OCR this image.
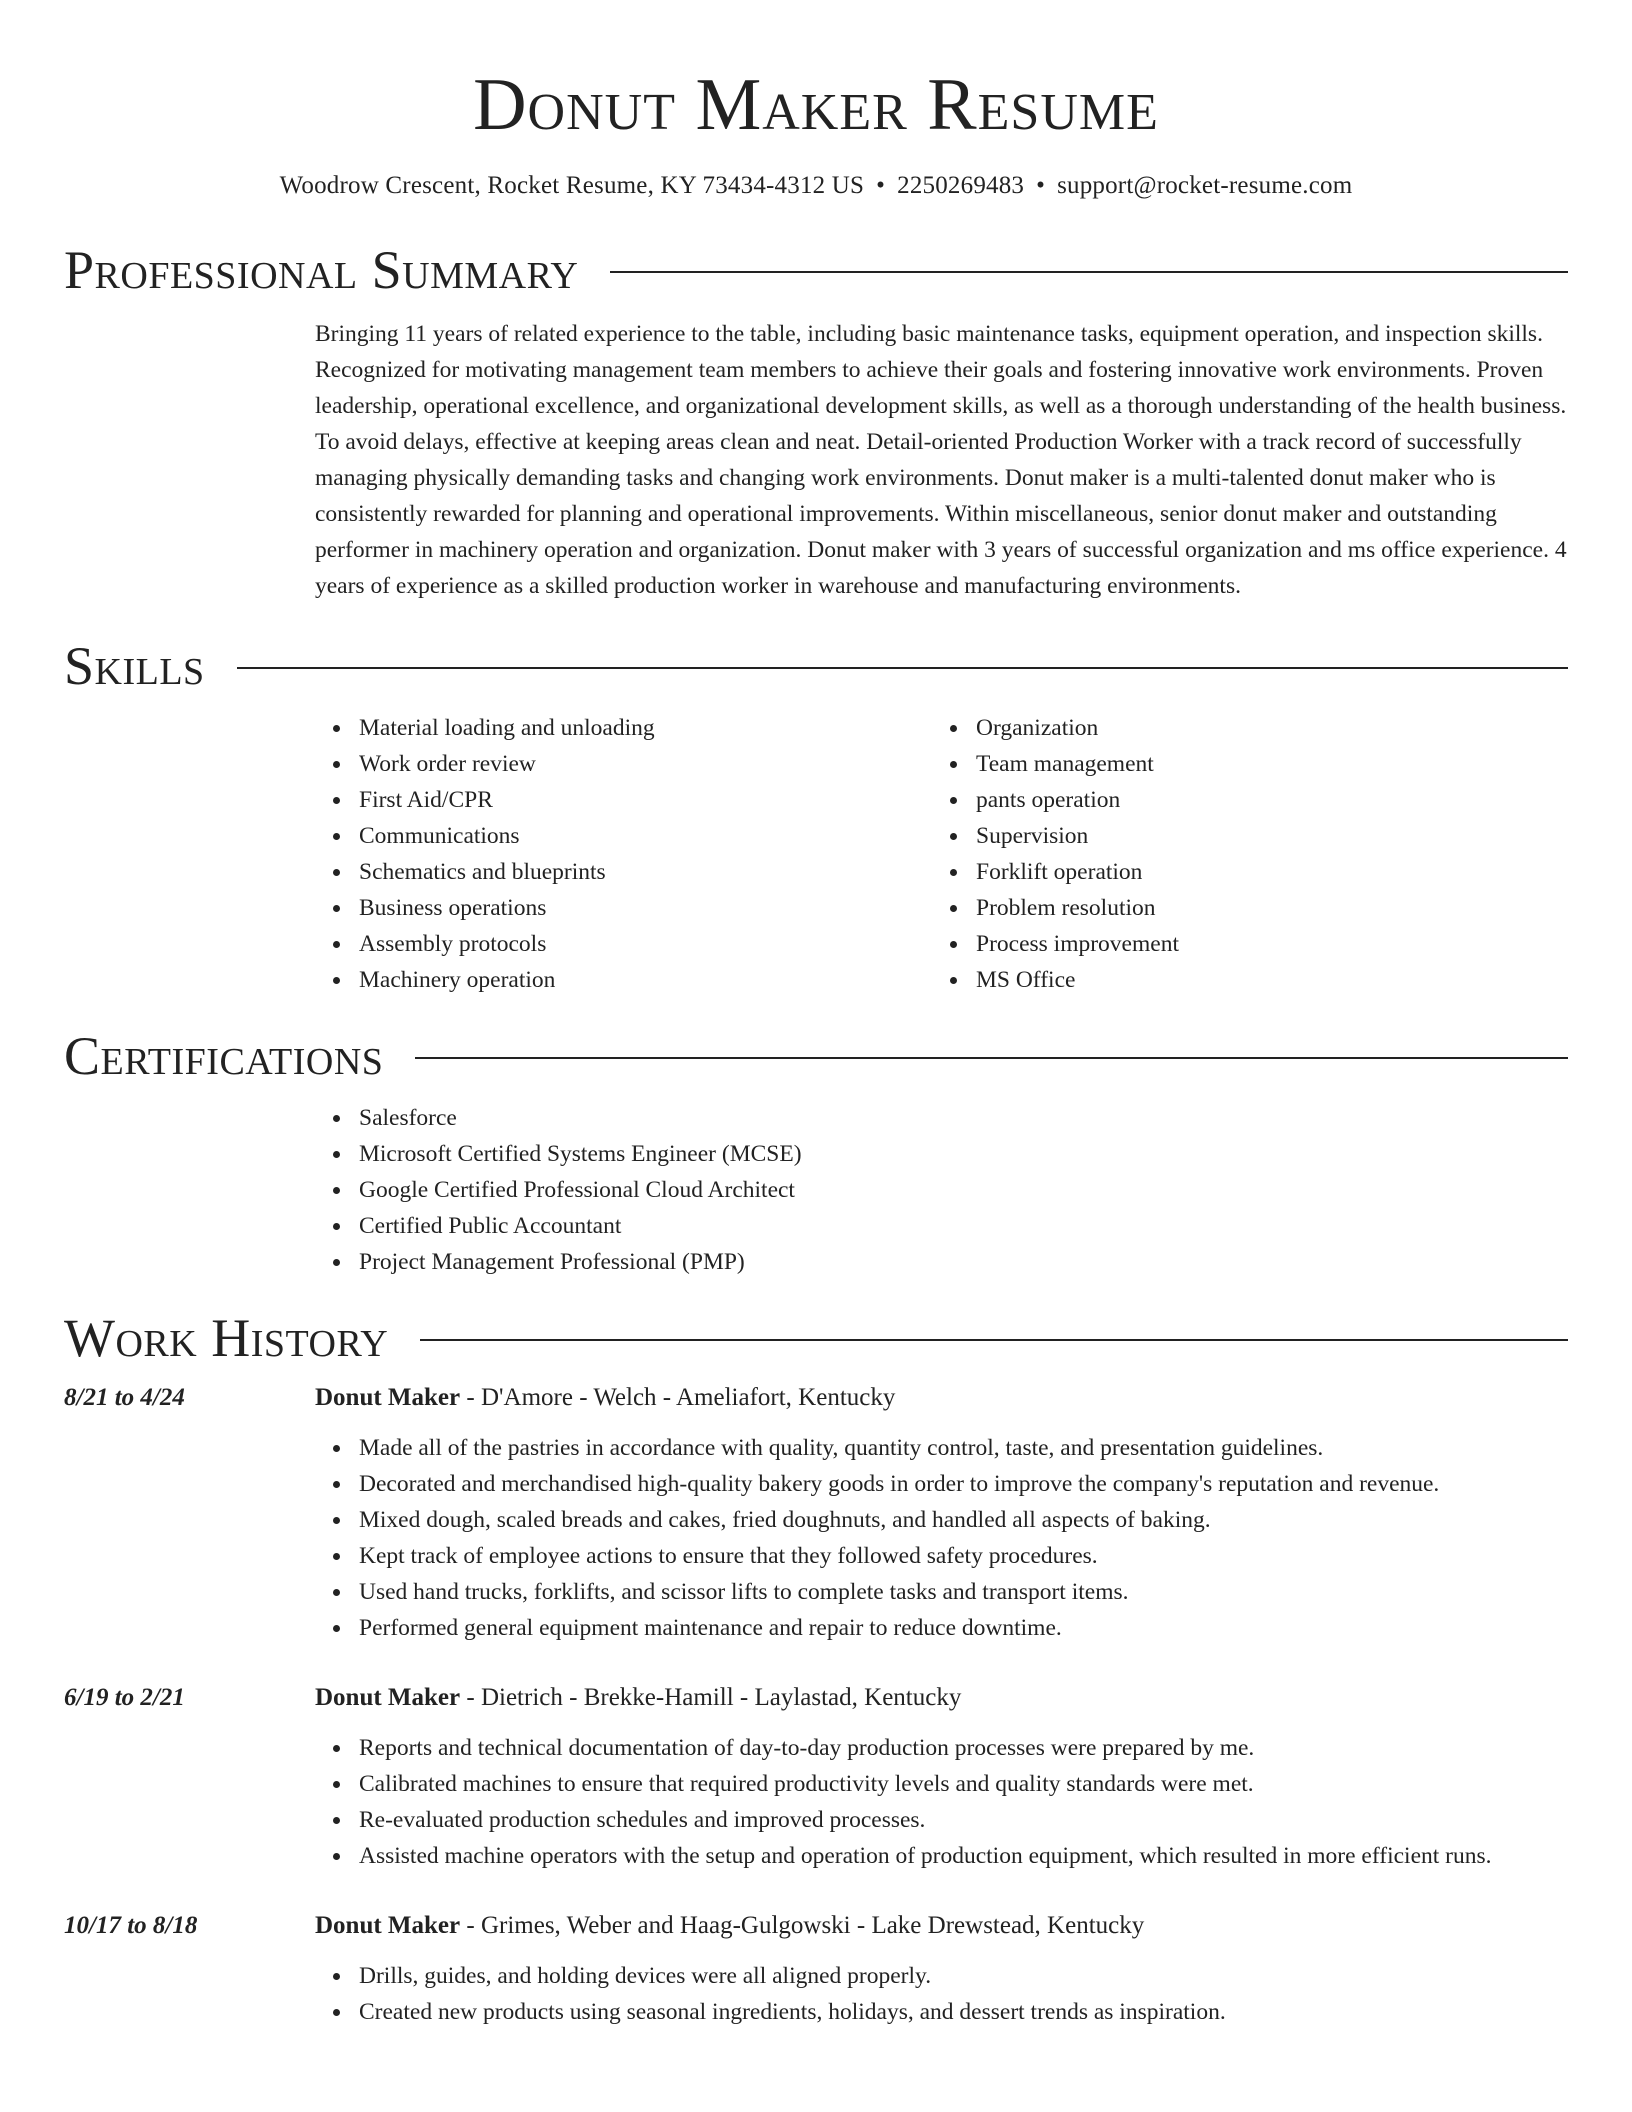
Donut Maker Resume
Woodrow Crescent, Rocket Resume, KY 73434-4312 US • 2250269483 • support@rocket-resume.com
Professional Summary
Bringing 11 years of related experience to the table, including basic maintenance tasks, equipment operation, and inspection skills. Recognized for motivating management team members to achieve their goals and fostering innovative work environments. Proven leadership, operational excellence, and organizational development skills, as well as a thorough understanding of the health business. To avoid delays, effective at keeping areas clean and neat. Detail-oriented Production Worker with a track record of successfully managing physically demanding tasks and changing work environments. Donut maker is a multi-talented donut maker who is consistently rewarded for planning and operational improvements. Within miscellaneous, senior donut maker and outstanding performer in machinery operation and organization. Donut maker with 3 years of successful organization and ms office experience. 4 years of experience as a skilled production worker in warehouse and manufacturing environments.
Skills
Material loading and unloading
Work order review
First Aid/CPR
Communications
Schematics and blueprints
Business operations
Assembly protocols
Machinery operation
Organization
Team management
pants operation
Supervision
Forklift operation
Problem resolution
Process improvement
MS Office
Certifications
Salesforce
Microsoft Certified Systems Engineer (MCSE)
Google Certified Professional Cloud Architect
Certified Public Accountant
Project Management Professional (PMP)
Work History
8/21 to 4/24	Donut Maker - D'Amore - Welch - Ameliafort, Kentucky
Made all of the pastries in accordance with quality, quantity control, taste, and presentation guidelines.
Decorated and merchandised high-quality bakery goods in order to improve the company's reputation and revenue.
Mixed dough, scaled breads and cakes, fried doughnuts, and handled all aspects of baking.
Kept track of employee actions to ensure that they followed safety procedures.
Used hand trucks, forklifts, and scissor lifts to complete tasks and transport items.
Performed general equipment maintenance and repair to reduce downtime.
6/19 to 2/21	Donut Maker - Dietrich - Brekke-Hamill - Laylastad, Kentucky
Reports and technical documentation of day-to-day production processes were prepared by me.
Calibrated machines to ensure that required productivity levels and quality standards were met.
Re-evaluated production schedules and improved processes.
Assisted machine operators with the setup and operation of production equipment, which resulted in more efficient runs.
10/17 to 8/18	Donut Maker - Grimes, Weber and Haag-Gulgowski - Lake Drewstead, Kentucky
Drills, guides, and holding devices were all aligned properly.
Created new products using seasonal ingredients, holidays, and dessert trends as inspiration.
